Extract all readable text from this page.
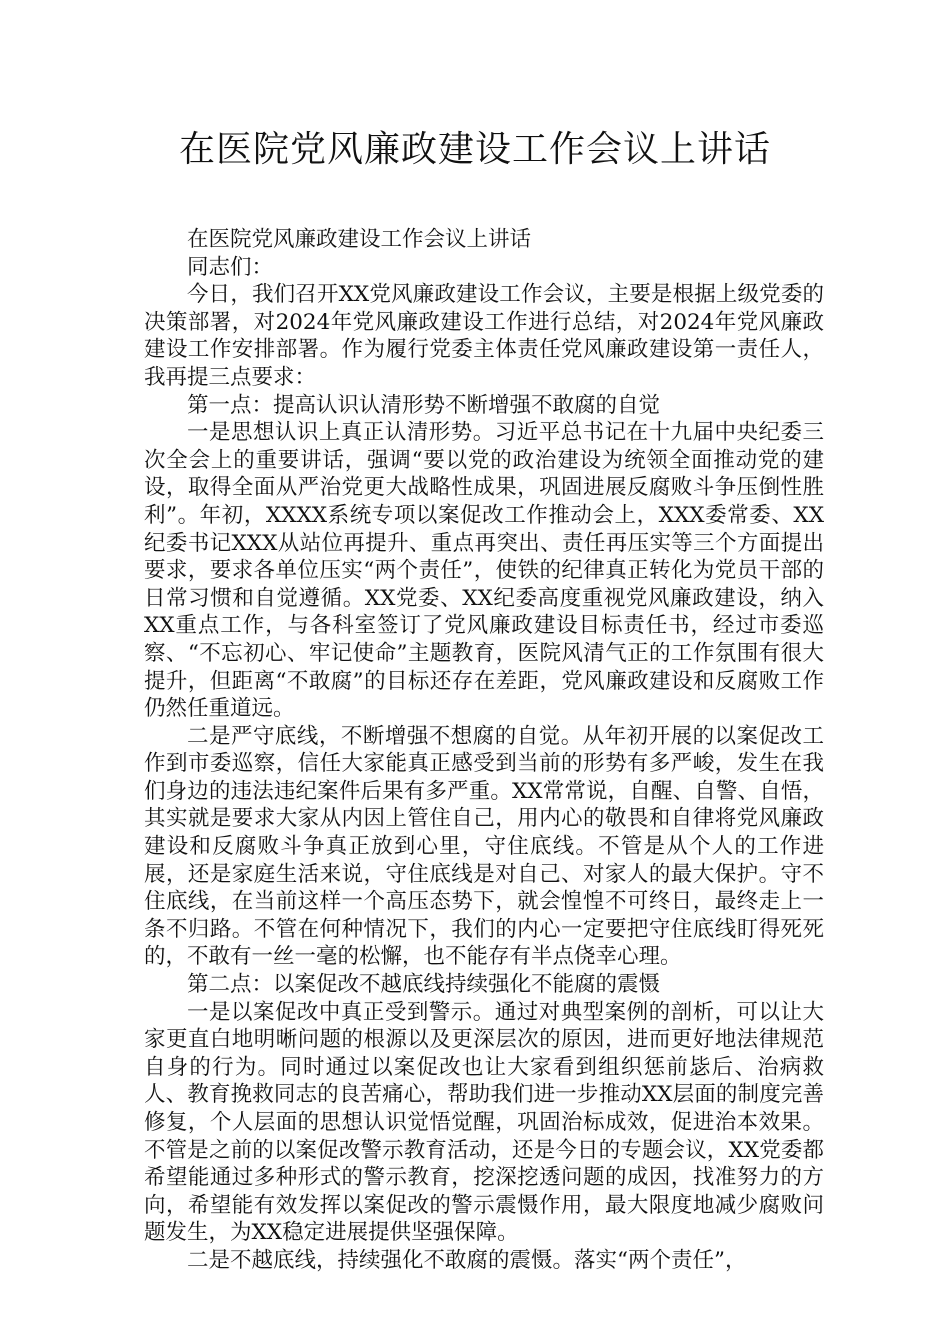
在医院党风廉政建设工作会议上讲话

在医院党风廉政建设工作会议上讲话

同志们：

今日，我们召开XX党风廉政建设工作会议，主要是根据上级党委的决策部署，对2024年党风廉政建设工作进行总结，对2024年党风廉政建设工作安排部署。作为履行党委主体责任党风廉政建设第一责任人，我再提三点要求：

第一点：提高认识认清形势不断增强不敢腐的自觉

一是思想认识上真正认清形势。习近平总书记在十九届中央纪委三次全会上的重要讲话，强调“要以党的政治建设为统领全面推动党的建设，取得全面从严治党更大战略性成果，巩固进展反腐败斗争压倒性胜利”。年初，XXXX系统专项以案促改工作推动会上，XXX委常委、XX纪委书记XXX从站位再提升、重点再突出、责任再压实等三个方面提出要求，要求各单位压实“两个责任”，使铁的纪律真正转化为党员干部的日常习惯和自觉遵循。XX党委、XX纪委高度重视党风廉政建设，纳入XX重点工作，与各科室签订了党风廉政建设目标责任书，经过市委巡察、“不忘初心、牢记使命”主题教育，医院风清气正的工作氛围有很大提升，但距离“不敢腐”的目标还存在差距，党风廉政建设和反腐败工作仍然任重道远。

二是严守底线，不断增强不想腐的自觉。从年初开展的以案促改工作到市委巡察，信任大家能真正感受到当前的形势有多严峻，发生在我们身边的违法违纪案件后果有多严重。XX常常说，自醒、自警、自悟，其实就是要求大家从内因上管住自己，用内心的敬畏和自律将党风廉政建设和反腐败斗争真正放到心里，守住底线。不管是从个人的工作进展，还是家庭生活来说，守住底线是对自己、对家人的最大保护。守不住底线，在当前这样一个高压态势下，就会惶惶不可终日，最终走上一条不归路。不管在何种情况下，我们的内心一定要把守住底线盯得死死的，不敢有一丝一毫的松懈，也不能存有半点侥幸心理。

第二点：以案促改不越底线持续强化不能腐的震慑

一是以案促改中真正受到警示。通过对典型案例的剖析，可以让大家更直白地明晰问题的根源以及更深层次的原因，进而更好地法律规范自身的行为。同时通过以案促改也让大家看到组织惩前毖后、治病救人、教育挽救同志的良苦痛心，帮助我们进一步推动XX层面的制度完善修复，个人层面的思想认识觉悟觉醒，巩固治标成效，促进治本效果。不管是之前的以案促改警示教育活动，还是今日的专题会议，XX党委都希望能通过多种形式的警示教育，挖深挖透问题的成因，找准努力的方向，希望能有效发挥以案促改的警示震慑作用，最大限度地减少腐败问题发生，为XX稳定进展提供坚强保障。

二是不越底线，持续强化不敢腐的震慑。落实“两个责任”，
